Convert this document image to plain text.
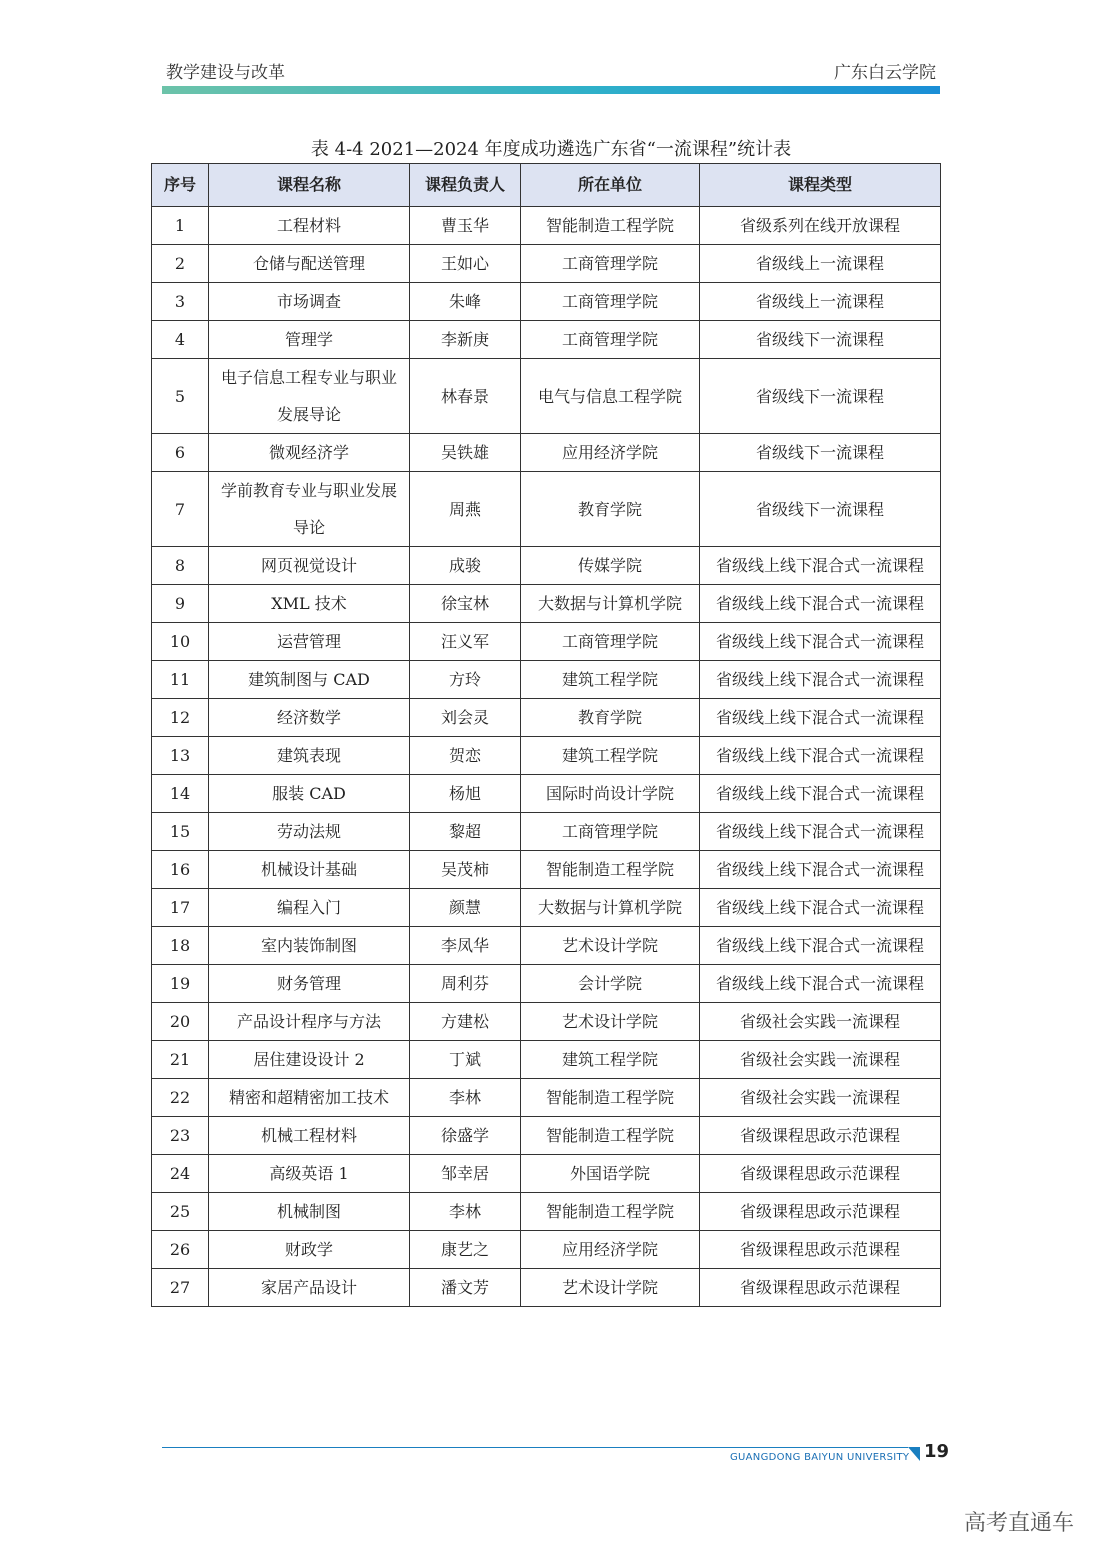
教学建设与改革	广东白云学院
表 4-4 2021—2024 年度成功遴选广东省“一流课程”统计表
序号	课程名称	课程负责人	所在单位	课程类型
1	工程材料	曹玉华	智能制造工程学院	省级系列在线开放课程
2	仓储与配送管理	王如心	工商管理学院	省级线上一流课程
3	市场调查	朱峰	工商管理学院	省级线上一流课程
4	管理学	李新庚	工商管理学院	省级线下一流课程
5	电子信息工程专业与职业发展导论	林春景	电气与信息工程学院	省级线下一流课程
6	微观经济学	吴铁雄	应用经济学院	省级线下一流课程
7	学前教育专业与职业发展导论	周燕	教育学院	省级线下一流课程
8	网页视觉设计	成骏	传媒学院	省级线上线下混合式一流课程
9	XML 技术	徐宝林	大数据与计算机学院	省级线上线下混合式一流课程
10	运营管理	汪义军	工商管理学院	省级线上线下混合式一流课程
11	建筑制图与 CAD	方玲	建筑工程学院	省级线上线下混合式一流课程
12	经济数学	刘会灵	教育学院	省级线上线下混合式一流课程
13	建筑表现	贺恋	建筑工程学院	省级线上线下混合式一流课程
14	服装 CAD	杨旭	国际时尚设计学院	省级线上线下混合式一流课程
15	劳动法规	黎超	工商管理学院	省级线上线下混合式一流课程
16	机械设计基础	吴茂柿	智能制造工程学院	省级线上线下混合式一流课程
17	编程入门	颜慧	大数据与计算机学院	省级线上线下混合式一流课程
18	室内装饰制图	李凤华	艺术设计学院	省级线上线下混合式一流课程
19	财务管理	周利芬	会计学院	省级线上线下混合式一流课程
20	产品设计程序与方法	方建松	艺术设计学院	省级社会实践一流课程
21	居住建设设计 2	丁斌	建筑工程学院	省级社会实践一流课程
22	精密和超精密加工技术	李林	智能制造工程学院	省级社会实践一流课程
23	机械工程材料	徐盛学	智能制造工程学院	省级课程思政示范课程
24	高级英语 1	邹幸居	外国语学院	省级课程思政示范课程
25	机械制图	李林	智能制造工程学院	省级课程思政示范课程
26	财政学	康艺之	应用经济学院	省级课程思政示范课程
27	家居产品设计	潘文芳	艺术设计学院	省级课程思政示范课程
GUANGDONG BAIYUN UNIVERSITY 19
高考直通车
